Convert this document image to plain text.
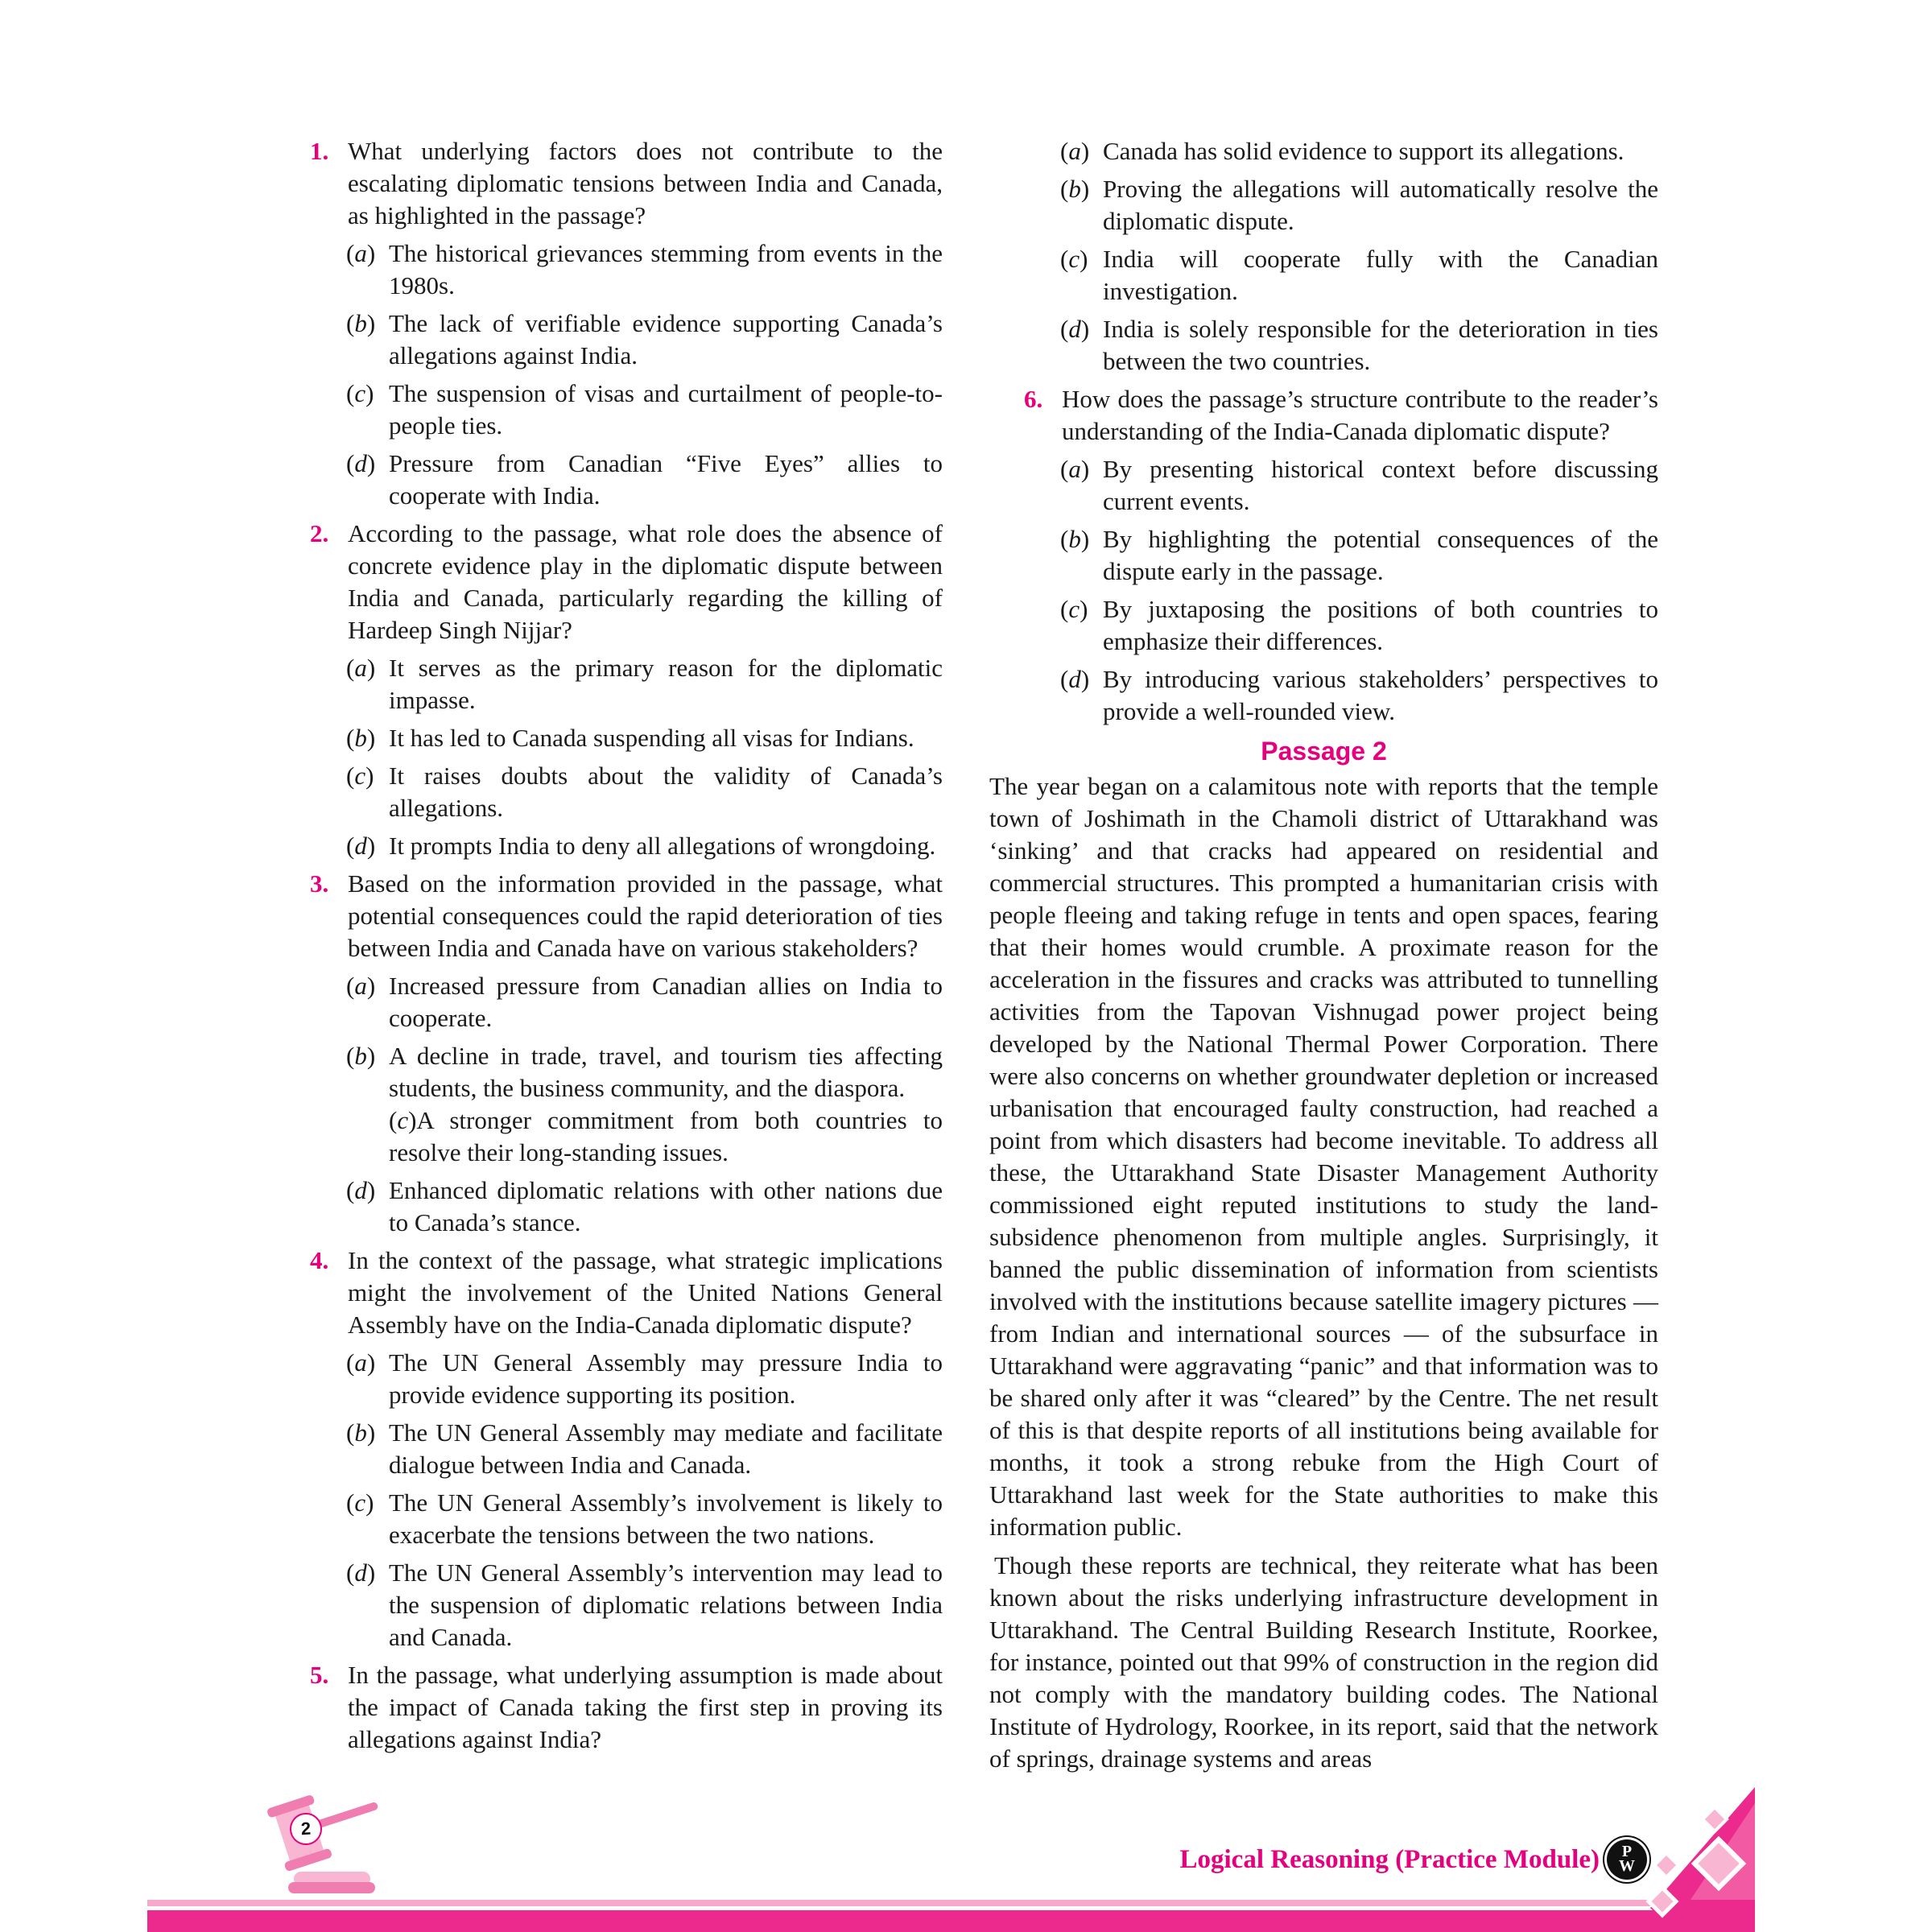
1. What underlying factors does not contribute to the escalating diplomatic tensions between India and Canada, as highlighted in the passage?
(a) The historical grievances stemming from events in the 1980s.
(b) The lack of verifiable evidence supporting Canada’s allegations against India.
(c) The suspension of visas and curtailment of people-to-people ties.
(d) Pressure from Canadian “Five Eyes” allies to cooperate with India.
2. According to the passage, what role does the absence of concrete evidence play in the diplomatic dispute between India and Canada, particularly regarding the killing of Hardeep Singh Nijjar?
(a) It serves as the primary reason for the diplomatic impasse.
(b) It has led to Canada suspending all visas for Indians.
(c) It raises doubts about the validity of Canada’s allegations.
(d) It prompts India to deny all allegations of wrongdoing.
3. Based on the information provided in the passage, what potential consequences could the rapid deterioration of ties between India and Canada have on various stakeholders?
(a) Increased pressure from Canadian allies on India to cooperate.
(b) A decline in trade, travel, and tourism ties affecting students, the business community, and the diaspora.
(c)A stronger commitment from both countries to resolve their long-standing issues.
(d) Enhanced diplomatic relations with other nations due to Canada’s stance.
4. In the context of the passage, what strategic implications might the involvement of the United Nations General Assembly have on the India-Canada diplomatic dispute?
(a) The UN General Assembly may pressure India to provide evidence supporting its position.
(b) The UN General Assembly may mediate and facilitate dialogue between India and Canada.
(c) The UN General Assembly’s involvement is likely to exacerbate the tensions between the two nations.
(d) The UN General Assembly’s intervention may lead to the suspension of diplomatic relations between India and Canada.
5. In the passage, what underlying assumption is made about the impact of Canada taking the first step in proving its allegations against India?
(a) Canada has solid evidence to support its allegations.
(b) Proving the allegations will automatically resolve the diplomatic dispute.
(c) India will cooperate fully with the Canadian investigation.
(d) India is solely responsible for the deterioration in ties between the two countries.
6. How does the passage’s structure contribute to the reader’s understanding of the India-Canada diplomatic dispute?
(a) By presenting historical context before discussing current events.
(b) By highlighting the potential consequences of the dispute early in the passage.
(c) By juxtaposing the positions of both countries to emphasize their differences.
(d) By introducing various stakeholders’ perspectives to provide a well-rounded view.
Passage 2

The year began on a calamitous note with reports that the temple town of Joshimath in the Chamoli district of Uttarakhand was ‘sinking’ and that cracks had appeared on residential and commercial structures. This prompted a humanitarian crisis with people fleeing and taking refuge in tents and open spaces, fearing that their homes would crumble. A proximate reason for the acceleration in the fissures and cracks was attributed to tunnelling activities from the Tapovan Vishnugad power project being developed by the National Thermal Power Corporation. There were also concerns on whether groundwater depletion or increased urbanisation that encouraged faulty construction, had reached a point from which disasters had become inevitable. To address all these, the Uttarakhand State Disaster Management Authority commissioned eight reputed institutions to study the land-subsidence phenomenon from multiple angles. Surprisingly, it banned the public dissemination of information from scientists involved with the institutions because satellite imagery pictures — from Indian and international sources — of the subsurface in Uttarakhand were aggravating “panic” and that information was to be shared only after it was “cleared” by the Centre. The net result of this is that despite reports of all institutions being available for months, it took a strong rebuke from the High Court of Uttarakhand last week for the State authorities to make this information public.

Though these reports are technical, they reiterate what has been known about the risks underlying infrastructure development in Uttarakhand. The Central Building Research Institute, Roorkee, for instance, pointed out that 99% of construction in the region did not comply with the mandatory building codes. The National Institute of Hydrology, Roorkee, in its report, said that the network of springs, drainage systems and areas

2
Logical Reasoning (Practice Module)	P
W
